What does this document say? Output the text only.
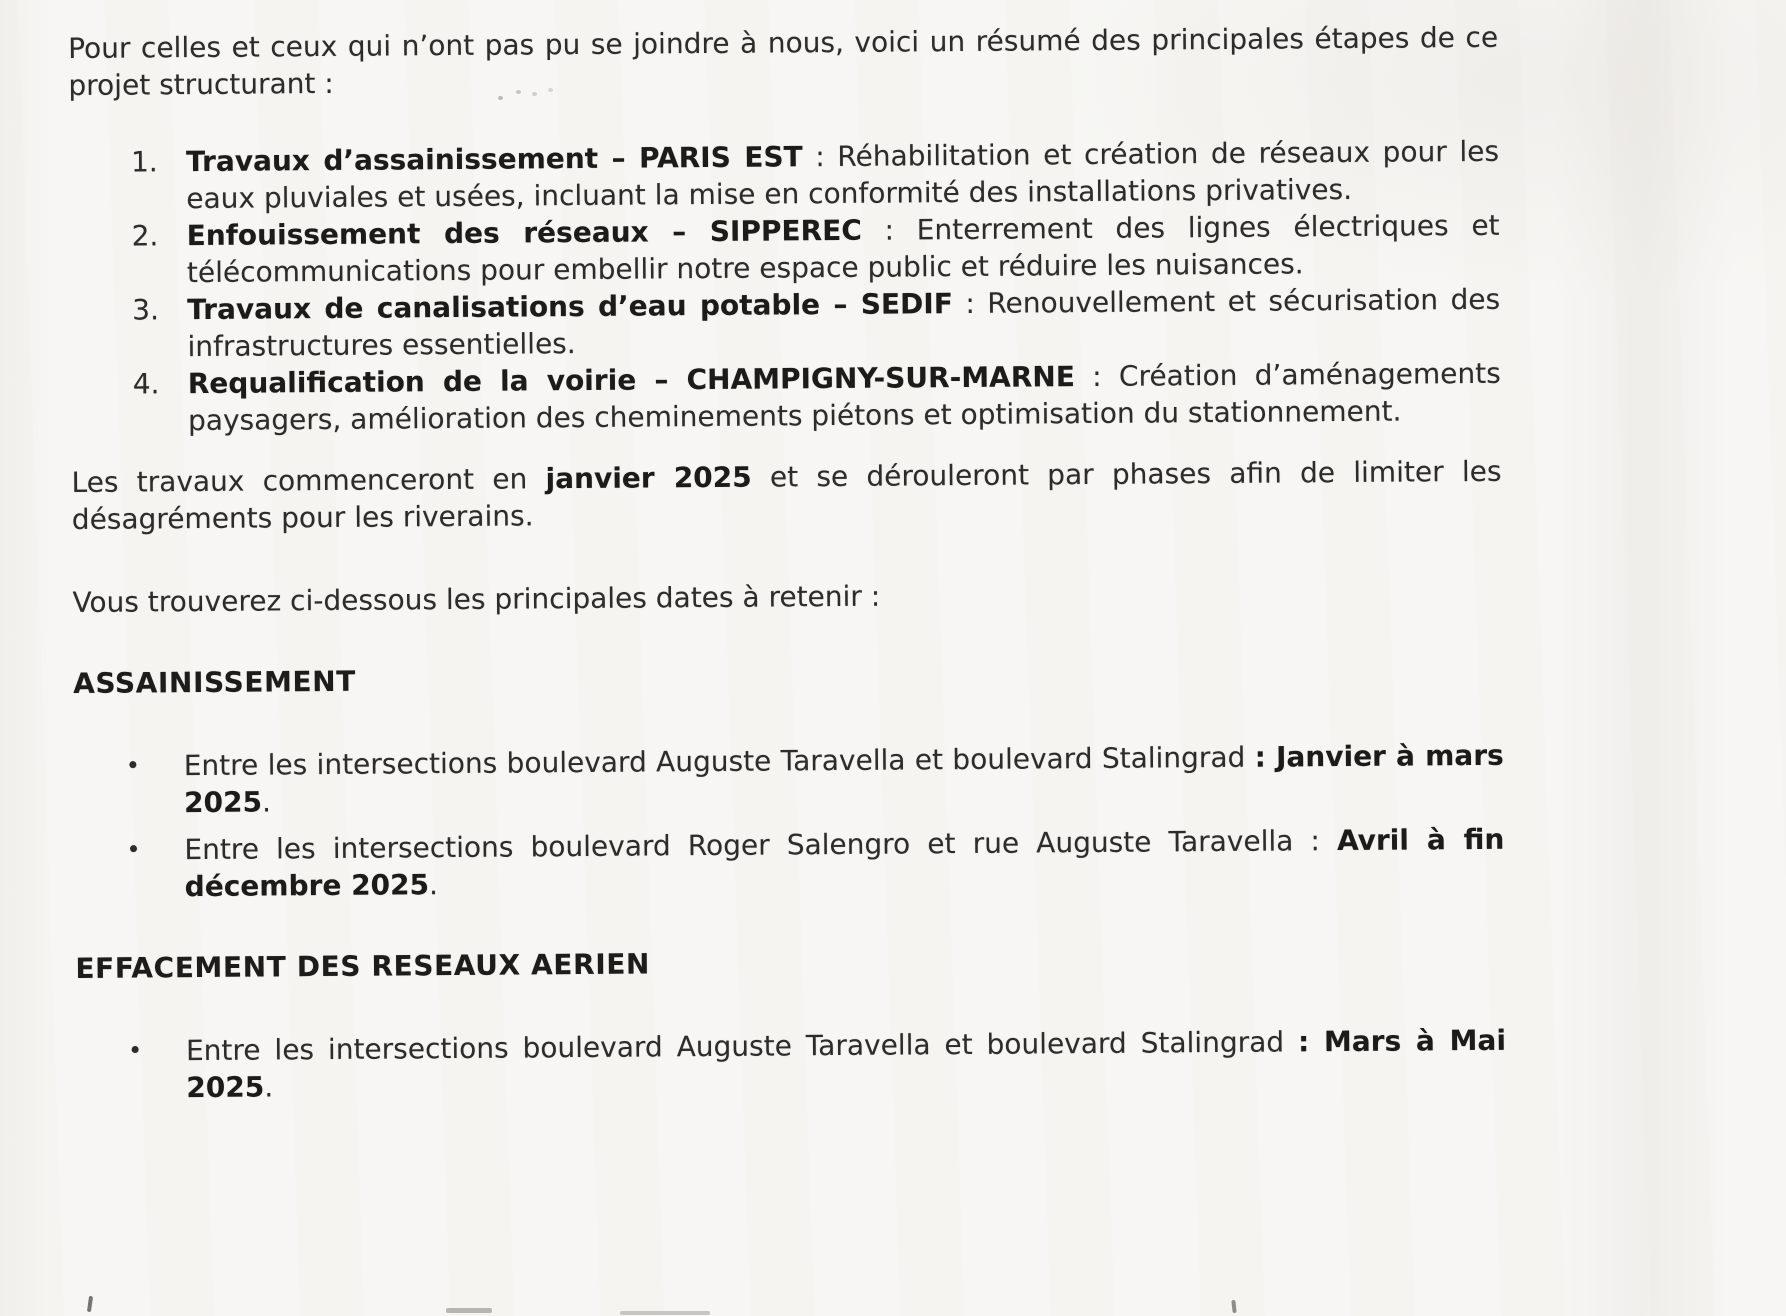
Pour celles et ceux qui n’ont pas pu se joindre à nous, voici un résumé des principales étapes de ce projet structurant :

1.	Travaux d’assainissement – PARIS EST : Réhabilitation et création de réseaux pour les eaux pluviales et usées, incluant la mise en conformité des installations privatives.
2.	Enfouissement des réseaux – SIPPEREC : Enterrement des lignes électriques et télécommunications pour embellir notre espace public et réduire les nuisances.
3.	Travaux de canalisations d’eau potable – SEDIF : Renouvellement et sécurisation des infrastructures essentielles.
4.	Requalification de la voirie – CHAMPIGNY-SUR-MARNE : Création d’aménagements paysagers, amélioration des cheminements piétons et optimisation du stationnement.

Les travaux commenceront en janvier 2025 et se dérouleront par phases afin de limiter les désagréments pour les riverains.

Vous trouverez ci-dessous les principales dates à retenir :

ASSAINISSEMENT
•	Entre les intersections boulevard Auguste Taravella et boulevard Stalingrad : Janvier à mars 2025.
•	Entre les intersections boulevard Roger Salengro et rue Auguste Taravella : Avril à fin décembre 2025.
EFFACEMENT DES RESEAUX AERIEN
•	Entre les intersections boulevard Auguste Taravella et boulevard Stalingrad : Mars à Mai 2025.
